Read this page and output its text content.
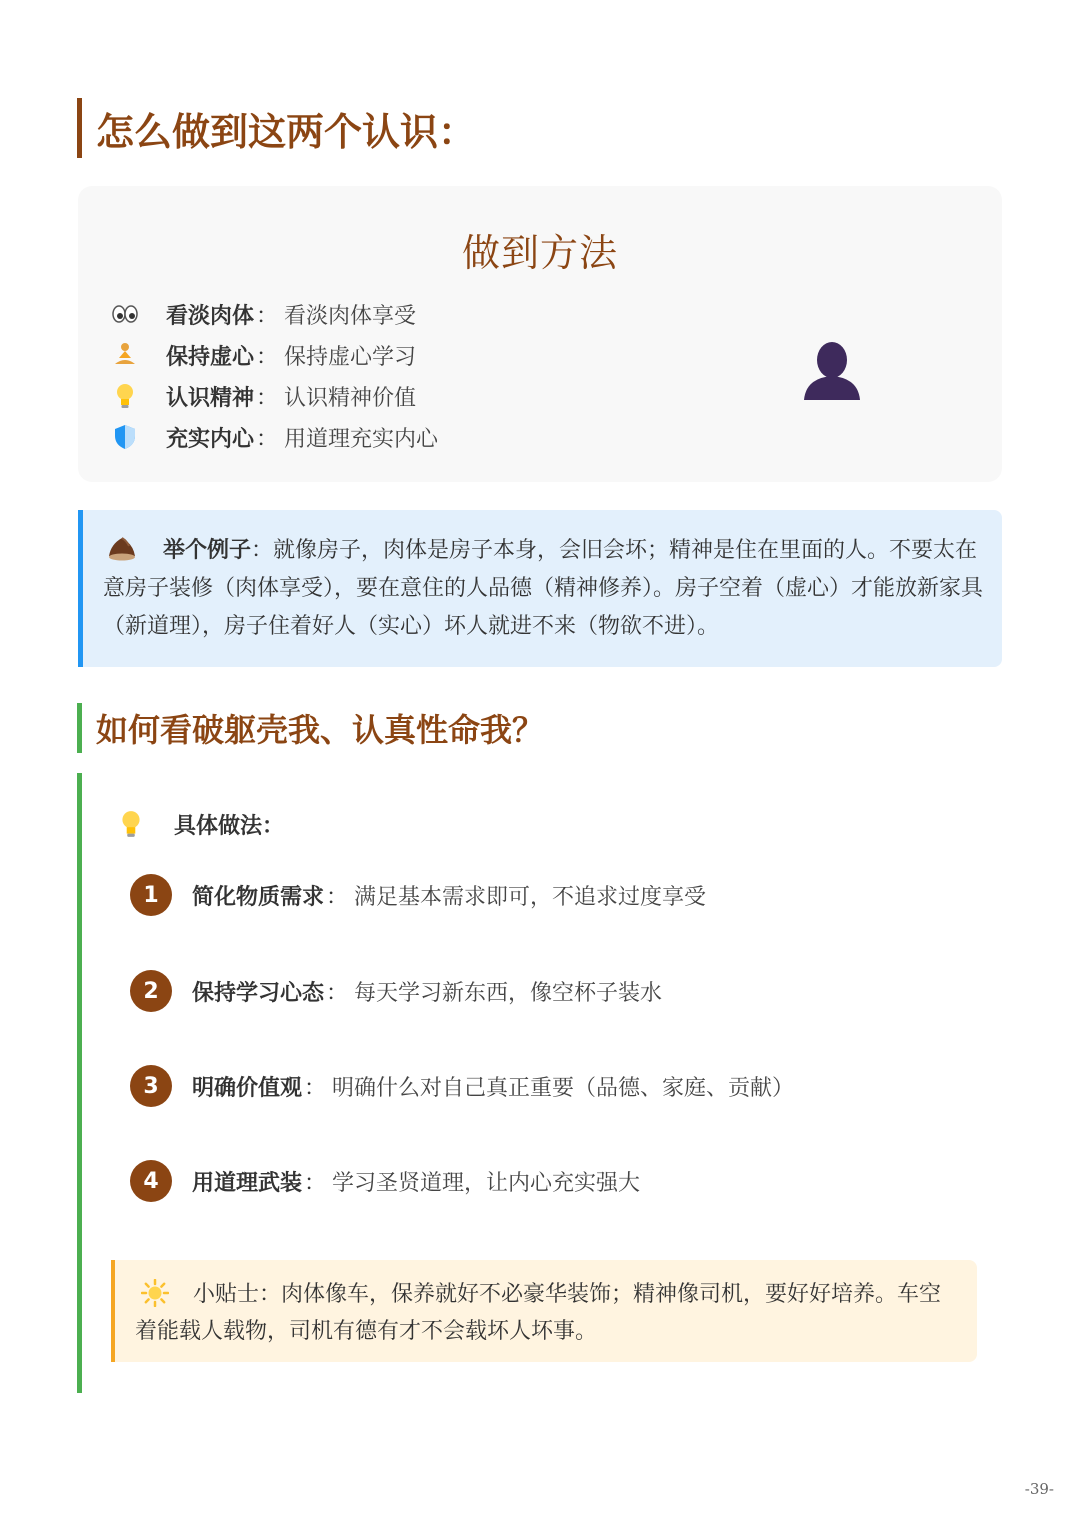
怎么做到这两个认识：
做到方法
看淡肉体 ： 看淡肉体享受
保持虚心 ： 保持虚心学习
认识精神 ： 认识精神价值
充实内心 ： 用道理充实内心
举个例子：就像房子，肉体是房子本身，会旧会坏；精神是住在里面的人。不要太在意房子装修（肉体享受），要在意住的人品德（精神修养）。房子空着（虚心）才能放新家具（新道理），房子住着好人（实心）坏人就进不来（物欲不进）。
如何看破躯壳我、认真性命我？
具体做法：
1	简化物质需求 ： 满足基本需求即可，不追求过度享受
2	保持学习心态 ： 每天学习新东西，像空杯子装水
3	明确价值观 ： 明确什么对自己真正重要（品德、家庭、贡献）
4	用道理武装 ： 学习圣贤道理，让内心充实强大
小贴士：肉体像车，保养就好不必豪华装饰；精神像司机，要好好培养。车空着能载人载物，司机有德有才不会载坏人坏事。
-39-
